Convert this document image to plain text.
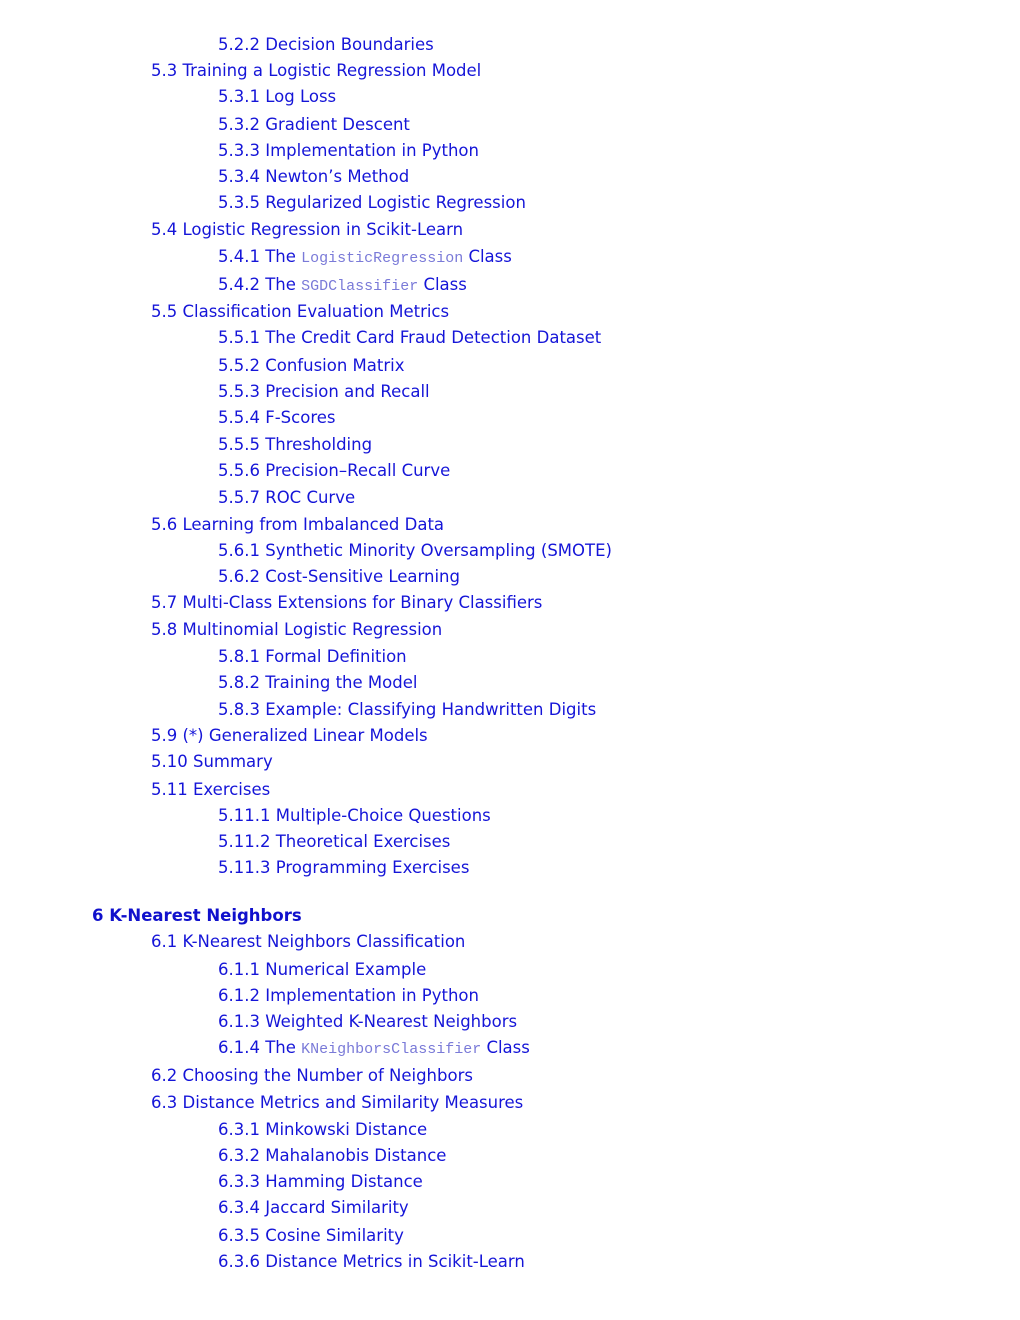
5.2.2 Decision Boundaries
5.3 Training a Logistic Regression Model
5.3.1 Log Loss
5.3.2 Gradient Descent
5.3.3 Implementation in Python
5.3.4 Newton’s Method
5.3.5 Regularized Logistic Regression
5.4 Logistic Regression in Scikit-Learn
5.4.1 The LogisticRegression Class
5.4.2 The SGDClassifier Class
5.5 Classification Evaluation Metrics
5.5.1 The Credit Card Fraud Detection Dataset
5.5.2 Confusion Matrix
5.5.3 Precision and Recall
5.5.4 F-Scores
5.5.5 Thresholding
5.5.6 Precision–Recall Curve
5.5.7 ROC Curve
5.6 Learning from Imbalanced Data
5.6.1 Synthetic Minority Oversampling (SMOTE)
5.6.2 Cost-Sensitive Learning
5.7 Multi-Class Extensions for Binary Classifiers
5.8 Multinomial Logistic Regression
5.8.1 Formal Definition
5.8.2 Training the Model
5.8.3 Example: Classifying Handwritten Digits
5.9 (*) Generalized Linear Models
5.10 Summary
5.11 Exercises
5.11.1 Multiple-Choice Questions
5.11.2 Theoretical Exercises
5.11.3 Programming Exercises
6 K-Nearest Neighbors
6.1 K-Nearest Neighbors Classification
6.1.1 Numerical Example
6.1.2 Implementation in Python
6.1.3 Weighted K-Nearest Neighbors
6.1.4 The KNeighborsClassifier Class
6.2 Choosing the Number of Neighbors
6.3 Distance Metrics and Similarity Measures
6.3.1 Minkowski Distance
6.3.2 Mahalanobis Distance
6.3.3 Hamming Distance
6.3.4 Jaccard Similarity
6.3.5 Cosine Similarity
6.3.6 Distance Metrics in Scikit-Learn
